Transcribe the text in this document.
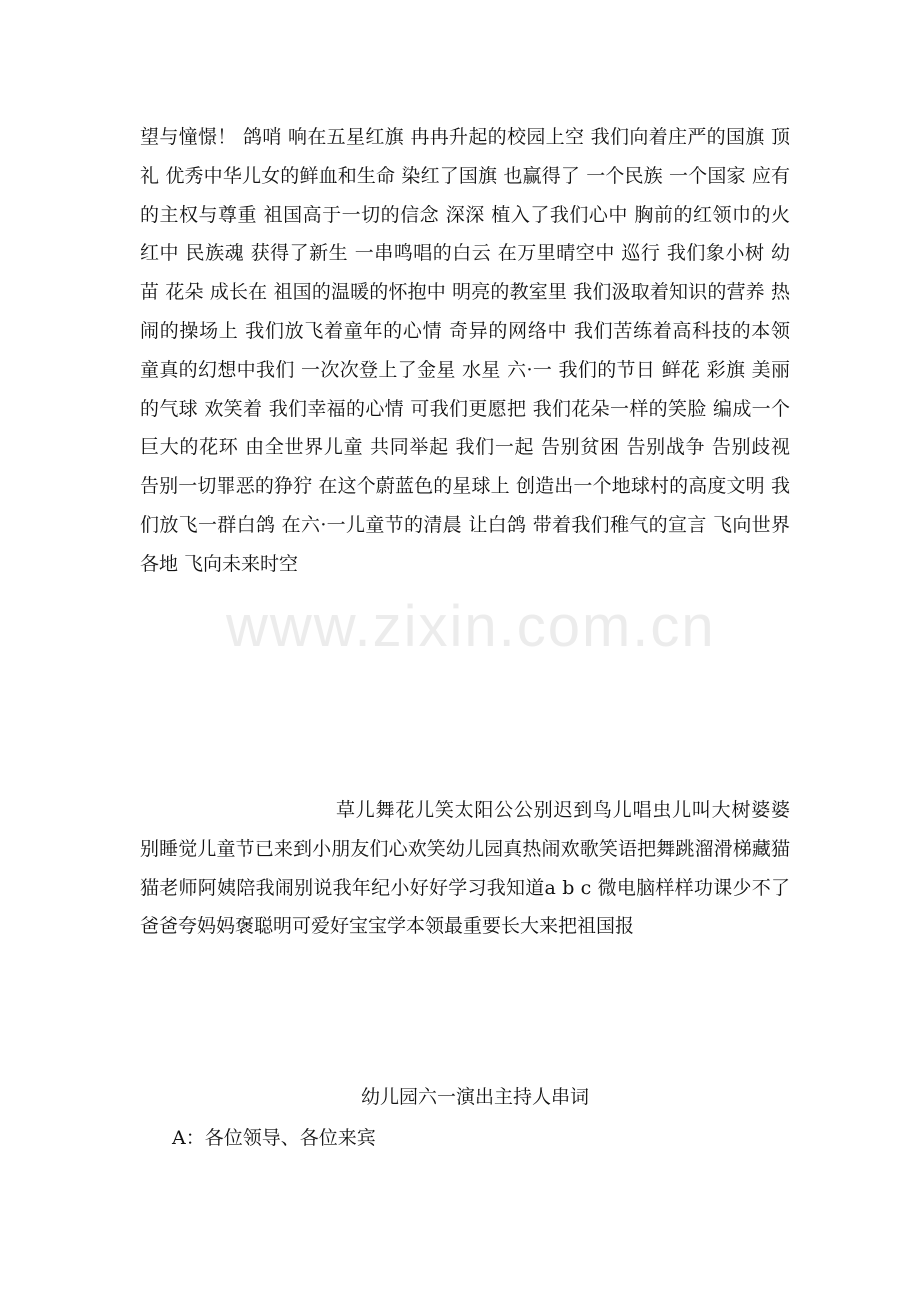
www.zixin.com.cn

望与憧憬！ 鸽哨 响在五星红旗 冉冉升起的校园上空 我们向着庄严的国旗 顶礼 优秀中华儿女的鲜血和生命 染红了国旗 也赢得了 一个民族 一个国家 应有的主权与尊重 祖国高于一切的信念 深深 植入了我们心中 胸前的红领巾的火红中 民族魂 获得了新生 一串鸣唱的白云 在万里晴空中 巡行 我们象小树 幼苗 花朵 成长在 祖国的温暖的怀抱中 明亮的教室里 我们汲取着知识的营养 热闹的操场上 我们放飞着童年的心情 奇异的网络中 我们苦练着高科技的本领 童真的幻想中我们 一次次登上了金星 水星 六·一 我们的节日 鲜花 彩旗 美丽的气球 欢笑着 我们幸福的心情 可我们更愿把 我们花朵一样的笑脸 编成一个巨大的花环 由全世界儿童 共同举起 我们一起 告别贫困 告别战争 告别歧视 告别一切罪恶的狰狞 在这个蔚蓝色的星球上 创造出一个地球村的高度文明 我们放飞一群白鸽 在六·一儿童节的清晨 让白鸽 带着我们稚气的宣言 飞向世界各地 飞向未来时空

草儿舞花儿笑太阳公公别迟到鸟儿唱虫儿叫大树婆婆别睡觉儿童节已来到小朋友们心欢笑幼儿园真热闹欢歌笑语把舞跳溜滑梯藏猫猫老师阿姨陪我闹别说我年纪小好好学习我知道a b c 微电脑样样功课少不了爸爸夸妈妈褒聪明可爱好宝宝学本领最重要长大来把祖国报

幼儿园六一演出主持人串词
A：各位领导、各位来宾
